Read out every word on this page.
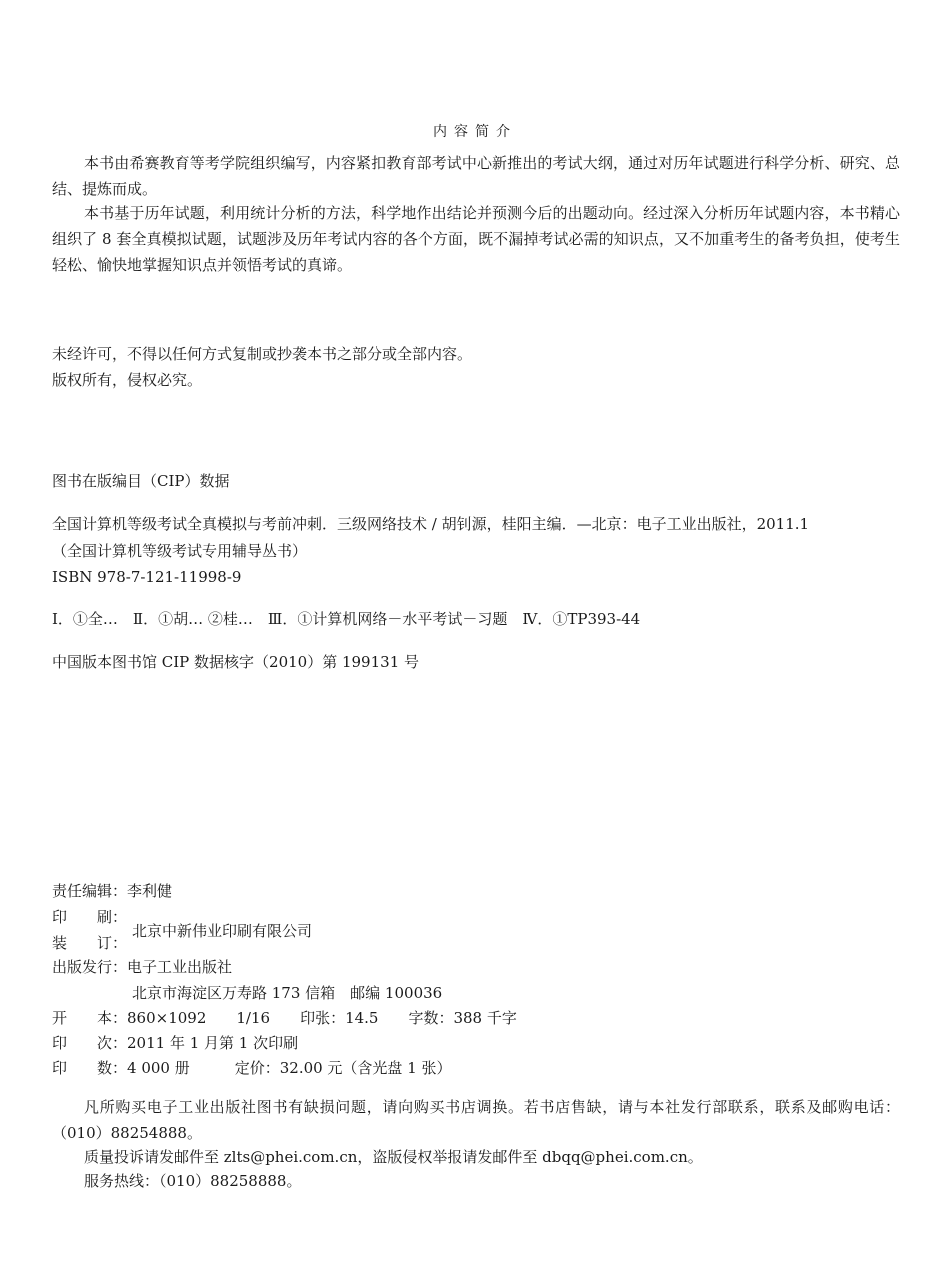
内容简介
本书由希赛教育等考学院组织编写，内容紧扣教育部考试中心新推出的考试大纲，通过对历年试题进行科学分析、研究、总结、提炼而成。
本书基于历年试题，利用统计分析的方法，科学地作出结论并预测今后的出题动向。经过深入分析历年试题内容，本书精心组织了 8 套全真模拟试题，试题涉及历年考试内容的各个方面，既不漏掉考试必需的知识点，又不加重考生的备考负担，使考生轻松、愉快地掌握知识点并领悟考试的真谛。
未经许可，不得以任何方式复制或抄袭本书之部分或全部内容。
版权所有，侵权必究。
图书在版编目（CIP）数据
全国计算机等级考试全真模拟与考前冲刺．三级网络技术 / 胡钊源，桂阳主编．—北京：电子工业出版社，2011.1
（全国计算机等级考试专用辅导丛书）
ISBN 978-7-121-11998-9
Ⅰ．①全…　Ⅱ．①胡… ②桂…　Ⅲ．①计算机网络－水平考试－习题　Ⅳ．①TP393-44
中国版本图书馆 CIP 数据核字（2010）第 199131 号
责任编辑：李利健
印　　刷：
装　　订：
北京中新伟业印刷有限公司
出版发行：电子工业出版社
北京市海淀区万寿路 173 信箱　邮编 100036
开　　本：860×1092　　1/16　　印张：14.5　　字数：388 千字
印　　次：2011 年 1 月第 1 次印刷
印　　数：4 000 册　　　定价：32.00 元（含光盘 1 张）
凡所购买电子工业出版社图书有缺损问题，请向购买书店调换。若书店售缺，请与本社发行部联系，联系及邮购电话：（010）88254888。
质量投诉请发邮件至 zlts@phei.com.cn，盗版侵权举报请发邮件至 dbqq@phei.com.cn。
服务热线：（010）88258888。
